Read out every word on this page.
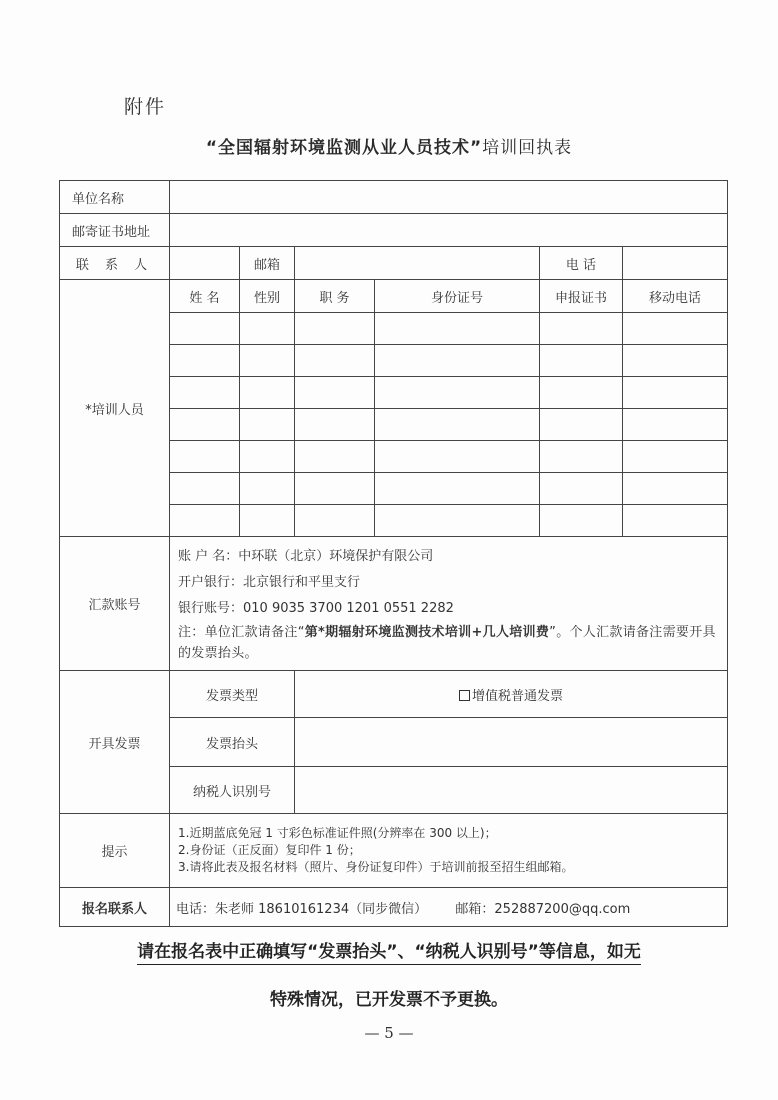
附件
“全国辐射环境监测从业人员技术”培训回执表
单位名称						
邮寄证书地址						
联 系 人		邮箱			电 话	
*培训人员	姓 名	性别	职 务	身份证号	申报证书	移动电话

汇款账号	账 户 名：中环联（北京）环境保护有限公司
开户银行：北京银行和平里支行
银行账号：010 9035 3700 1201 0551 2282
注：单位汇款请备注“第*期辐射环境监测技术培训+几人培训费”。个人汇款请备注需要开具的发票抬头。					

开具发票	发票类型		增值税普通发票			
	发票抬头					
	纳税人识别号					
提示	1.近期蓝底免冠 1 寸彩色标准证件照(分辨率在 300 以上)；
2.身份证（正反面）复印件 1 份；
3.请将此表及报名材料（照片、身份证复印件）于培训前报至招生组邮箱。					

报名联系人	电话：朱老师 18610161234（同步微信） 邮箱：252887200@qq.com					
请在报名表中正确填写“发票抬头”、“纳税人识别号”等信息，如无
特殊情况，已开发票不予更换。
— 5 —
